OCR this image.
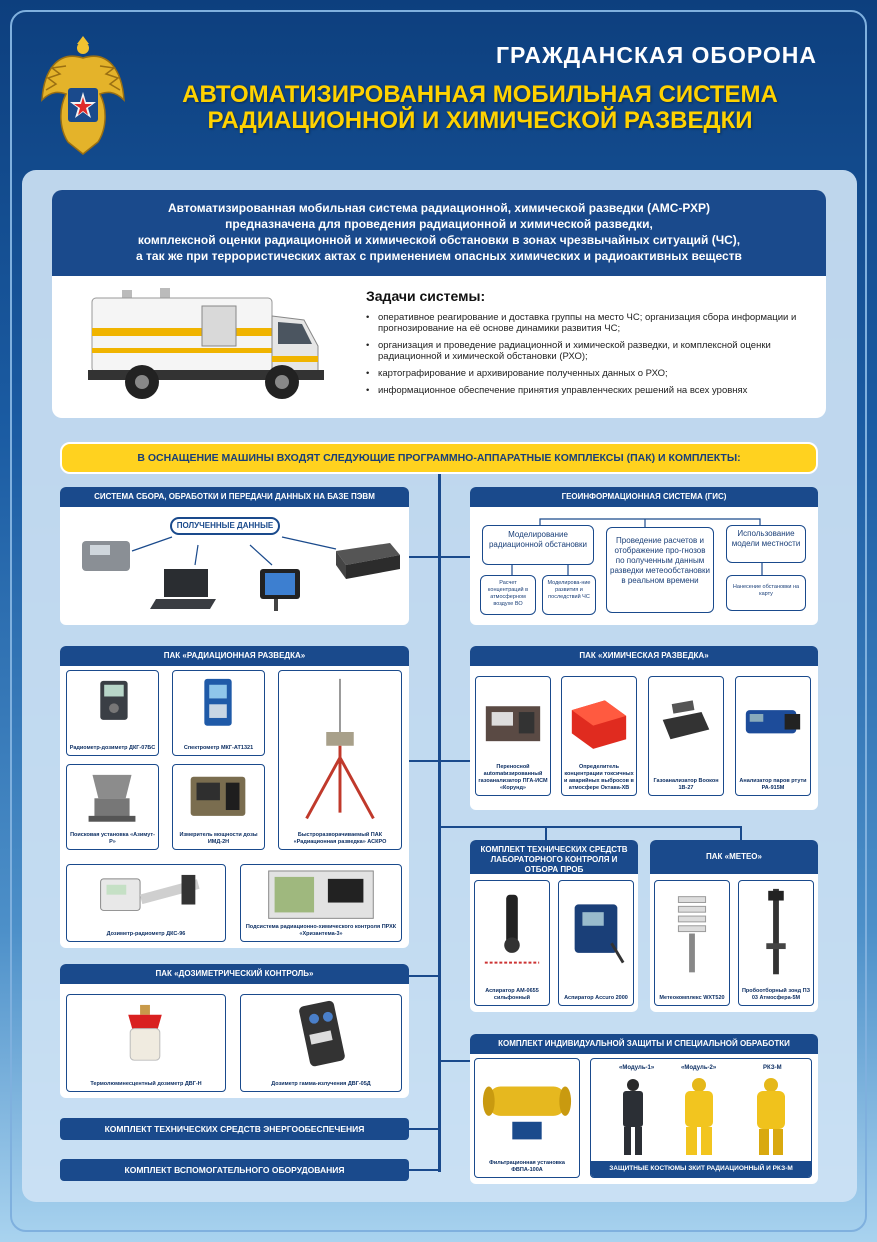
ГРАЖДАНСКАЯ ОБОРОНА
АВТОМАТИЗИРОВАННАЯ МОБИЛЬНАЯ СИСТЕМА
РАДИАЦИОННОЙ И ХИМИЧЕСКОЙ РАЗВЕДКИ
Автоматизированная мобильная система радиационной, химической разведки (АМС-РХР)
предназначена для проведения радиационной и химической разведки,
комплексной оценки радиационной и химической обстановки в зонах чрезвычайных ситуаций (ЧС),
а так же при террористических актах с применением опасных химических и радиоактивных веществ
Задачи системы:
• оперативное реагирование и доставка группы на место ЧС; организация сбора информации и прогнозирование на её основе динамики развития ЧС;
• организация и проведение радиационной и химической разведки, и комплексной оценки радиационной и химической обстановки (РХО);
• картографирование и архивирование полученных данных о РХО;
• информационное обеспечение принятия управленческих решений на всех уровнях
В ОСНАЩЕНИЕ МАШИНЫ ВХОДЯТ СЛЕДУЮЩИЕ ПРОГРАММНО-АППАРАТНЫЕ КОМПЛЕКСЫ (ПАК) И КОМПЛЕКТЫ:
СИСТЕМА СБОРА, ОБРАБОТКИ И ПЕРЕДАЧИ ДАННЫХ НА БАЗЕ ПЭВМ
ПОЛУЧЕННЫЕ ДАННЫЕ
ГЕОИНФОРМАЦИОННАЯ СИСТЕМА (ГИС)
Моделирование радиационной обстановки
Расчет концентраций в атмосферном воздухе ВО
Моделирова-ние развития и последствий ЧС
Проведение расчетов и отображение про-гнозов по полученным данным разведки метеообстановки в реальном времени
Использование модели местности
Нанесение обстановки на карту
ПАК «РАДИАЦИОННАЯ РАЗВЕДКА»
Радиометр-дозиметр ДКГ-07БС	Спектрометр МКГ-АТ1321
Поисковая установка «Азимут-Р»
Измеритель мощности дозы ИМД-2Н
Быстроразворачиваемый ПАК «Радиационная разведка» АСКРО
Дозиметр-радиометр ДКС-96
Подсистема радиационно-химического контроля ПРХК «Хризантема-3»
ПАК «ХИМИЧЕСКАЯ РАЗВЕДКА»
Переносной automatизированный газоанализатор ПГА-ИСМ «Корунд»
Определитель концентрации токсичных и аварийных выбросов в атмосфере Октава-ХВ
Газоанализатор Воокон 1В-27
Анализатор паров ртути РА-915М
КОМПЛЕКТ ТЕХНИЧЕСКИХ СРЕДСТВ ЛАБОРАТОРНОГО КОНТРОЛЯ И ОТБОРА ПРОБ
Аспиратор АМ-0655 сильфонный	Аспиратор Accuro 2000
ПАК «МЕТЕО»
Метеокомплекс WXT520
Пробоотборный зонд ПЗ 03 Атмосфера-5М
ПАК «ДОЗИМЕТРИЧЕСКИЙ КОНТРОЛЬ»
Термолюминесцентный дозиметр ДВГ-Н	Дозиметр гамма-излучения ДВГ-05Д
КОМПЛЕКТ ИНДИВИДУАЛЬНОЙ ЗАЩИТЫ И СПЕЦИАЛЬНОЙ ОБРАБОТКИ
Фильтрационная установка ФВПА-100А
«Модуль-1»	«Модуль-2»	РКЗ-М
ЗАЩИТНЫЕ КОСТЮМЫ ЗКИТ РАДИАЦИОННЫЙ И РКЗ-М
КОМПЛЕКТ ТЕХНИЧЕСКИХ СРЕДСТВ ЭНЕРГООБЕСПЕЧЕНИЯ
КОМПЛЕКТ ВСПОМОГАТЕЛЬНОГО ОБОРУДОВАНИЯ
